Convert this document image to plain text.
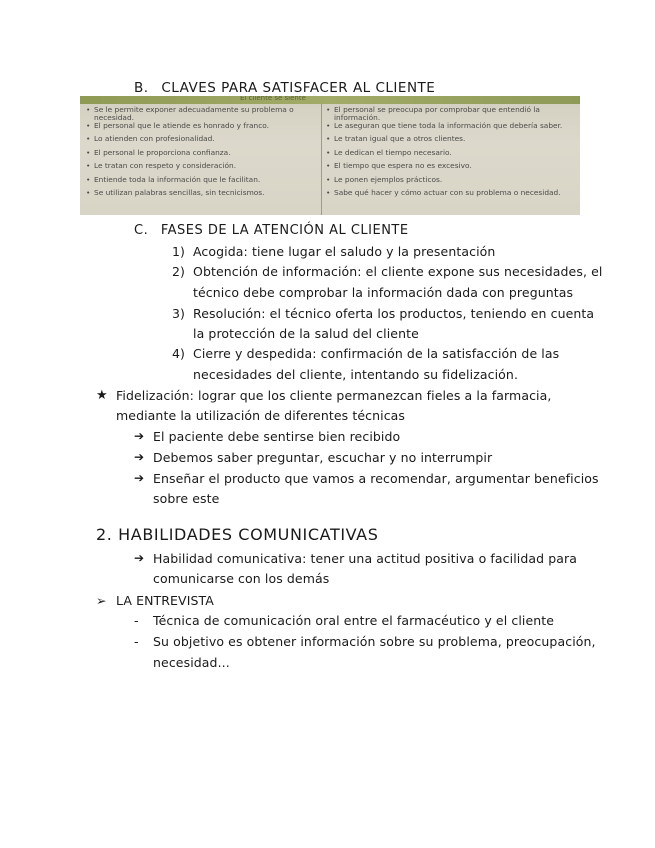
B. CLAVES PARA SATISFACER AL CLIENTE
El cliente se siente
• Se le permite exponer adecuadamente su problema o necesidad.
• El personal que le atiende es honrado y franco.
• Lo atienden con profesionalidad.
• El personal le proporciona confianza.
• Le tratan con respeto y consideración.
• Entiende toda la información que le facilitan.
• Se utilizan palabras sencillas, sin tecnicismos.
• El personal se preocupa por comprobar que entendió la información.
• Le aseguran que tiene toda la información que debería saber.
• Le tratan igual que a otros clientes.
• Le dedican el tiempo necesario.
• El tiempo que espera no es excesivo.
• Le ponen ejemplos prácticos.
• Sabe qué hacer y cómo actuar con su problema o necesidad.
C. FASES DE LA ATENCIÓN AL CLIENTE
1) Acogida: tiene lugar el saludo y la presentación
2) Obtención de información: el cliente expone sus necesidades, el
técnico debe comprobar la información dada con preguntas
3) Resolución: el técnico oferta los productos, teniendo en cuenta
la protección de la salud del cliente
4) Cierre y despedida: confirmación de la satisfacción de las
necesidades del cliente, intentando su fidelización.
★ Fidelización: lograr que los cliente permanezcan fieles a la farmacia,
mediante la utilización de diferentes técnicas
➔ El paciente debe sentirse bien recibido
➔ Debemos saber preguntar, escuchar y no interrumpir
➔ Enseñar el producto que vamos a recomendar, argumentar beneficios
sobre este
2. HABILIDADES COMUNICATIVAS
➔ Habilidad comunicativa: tener una actitud positiva o facilidad para
comunicarse con los demás
➢ LA ENTREVISTA
- Técnica de comunicación oral entre el farmacéutico y el cliente
- Su objetivo es obtener información sobre su problema, preocupación,
necesidad...
